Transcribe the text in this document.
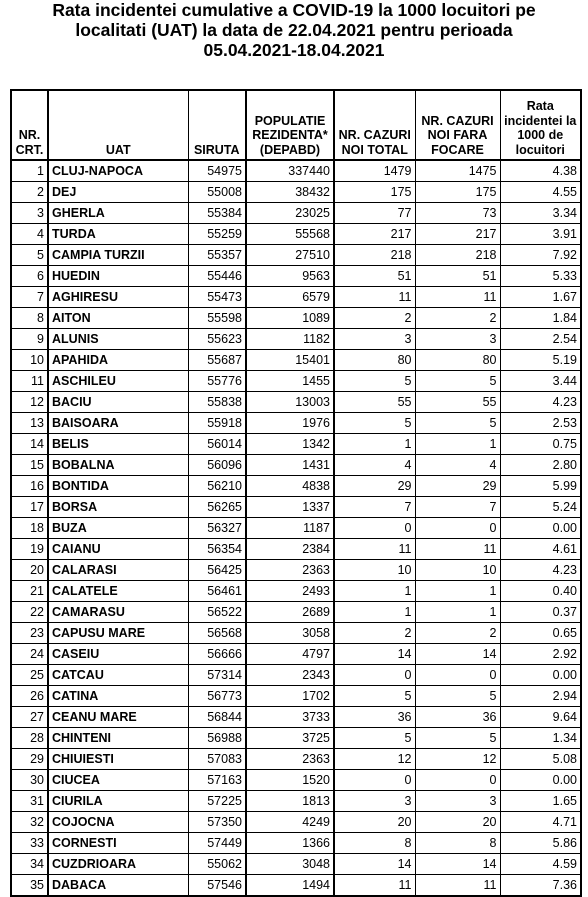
Rata incidentei cumulative a COVID-19 la 1000 locuitori pe
localitati (UAT) la data de 22.04.2021 pentru perioada
05.04.2021-18.04.2021
NR. CRT.	UAT	SIRUTA	POPULATIE REZIDENTA* (DEPABD)	NR. CAZURI NOI TOTAL	NR. CAZURI NOI FARA FOCARE	Rata incidentei la 1000 de locuitori
1	CLUJ-NAPOCA	54975	337440	1479	1475	4.38
2	DEJ	55008	38432	175	175	4.55
3	GHERLA	55384	23025	77	73	3.34
4	TURDA	55259	55568	217	217	3.91
5	CAMPIA TURZII	55357	27510	218	218	7.92
6	HUEDIN	55446	9563	51	51	5.33
7	AGHIRESU	55473	6579	11	11	1.67
8	AITON	55598	1089	2	2	1.84
9	ALUNIS	55623	1182	3	3	2.54
10	APAHIDA	55687	15401	80	80	5.19
11	ASCHILEU	55776	1455	5	5	3.44
12	BACIU	55838	13003	55	55	4.23
13	BAISOARA	55918	1976	5	5	2.53
14	BELIS	56014	1342	1	1	0.75
15	BOBALNA	56096	1431	4	4	2.80
16	BONTIDA	56210	4838	29	29	5.99
17	BORSA	56265	1337	7	7	5.24
18	BUZA	56327	1187	0	0	0.00
19	CAIANU	56354	2384	11	11	4.61
20	CALARASI	56425	2363	10	10	4.23
21	CALATELE	56461	2493	1	1	0.40
22	CAMARASU	56522	2689	1	1	0.37
23	CAPUSU MARE	56568	3058	2	2	0.65
24	CASEIU	56666	4797	14	14	2.92
25	CATCAU	57314	2343	0	0	0.00
26	CATINA	56773	1702	5	5	2.94
27	CEANU MARE	56844	3733	36	36	9.64
28	CHINTENI	56988	3725	5	5	1.34
29	CHIUIESTI	57083	2363	12	12	5.08
30	CIUCEA	57163	1520	0	0	0.00
31	CIURILA	57225	1813	3	3	1.65
32	COJOCNA	57350	4249	20	20	4.71
33	CORNESTI	57449	1366	8	8	5.86
34	CUZDRIOARA	55062	3048	14	14	4.59
35	DABACA	57546	1494	11	11	7.36
